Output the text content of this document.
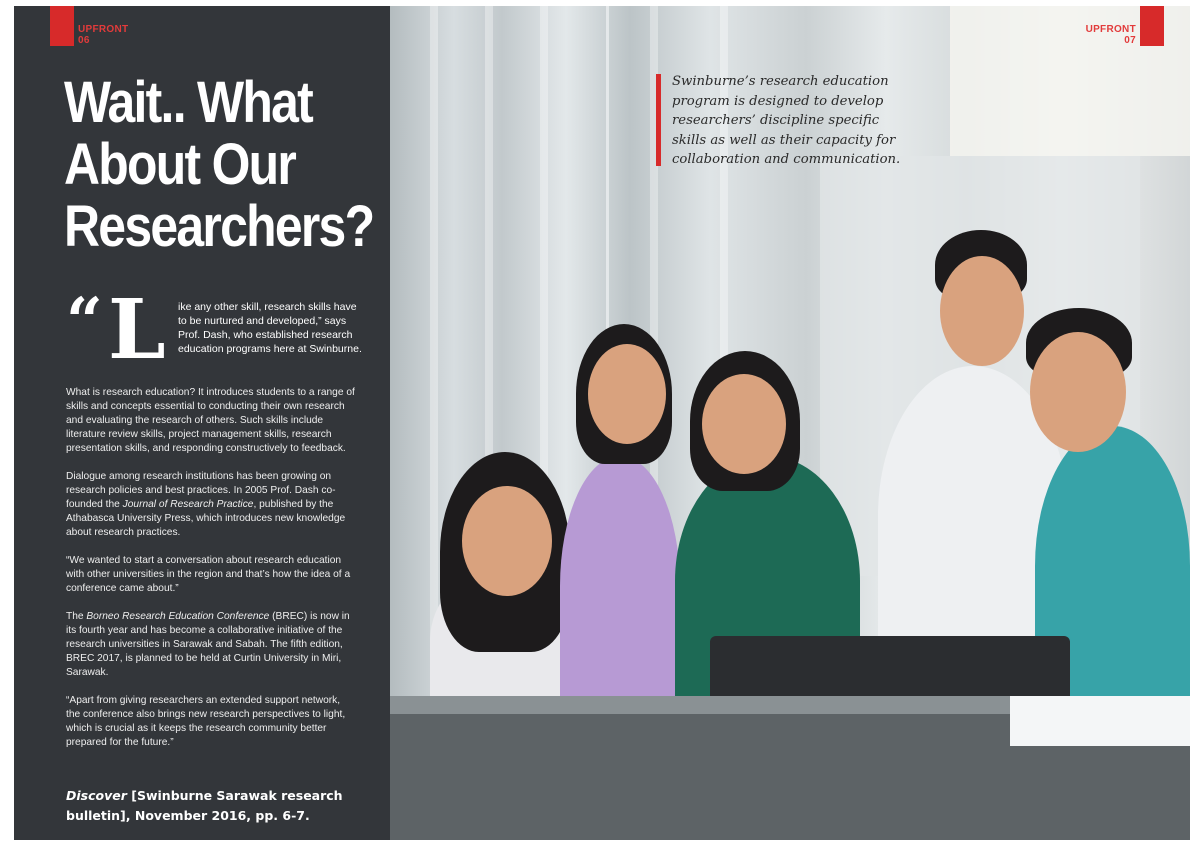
UPFRONT
06
Wait.. What
About Our
Researchers?
“ L ike any other skill, research skills have to be nurtured and developed,” says Prof. Dash, who established research education programs here at Swinburne.

What is research education? It introduces students to a range of skills and concepts essential to conducting their own research and evaluating the research of others. Such skills include literature review skills, project management skills, research presentation skills, and responding constructively to feedback.

Dialogue among research institutions has been growing on research policies and best practices. In 2005 Prof. Dash co-founded the Journal of Research Practice, published by the Athabasca University Press, which introduces new knowledge about research practices.

“We wanted to start a conversation about research education with other universities in the region and that’s how the idea of a conference came about.”

The Borneo Research Education Conference (BREC) is now in its fourth year and has become a collaborative initiative of the research universities in Sarawak and Sabah. The fifth edition, BREC 2017, is planned to be held at Curtin University in Miri, Sarawak.

“Apart from giving researchers an extended support network, the conference also brings new research perspectives to light, which is crucial as it keeps the research community better prepared for the future.”

Discover [Swinburne Sarawak research
bulletin], November 2016, pp. 6-7.
Swinburne’s research education program is designed to develop researchers’ discipline specific skills as well as their capacity for collaboration and communication.
UPFRONT
07
